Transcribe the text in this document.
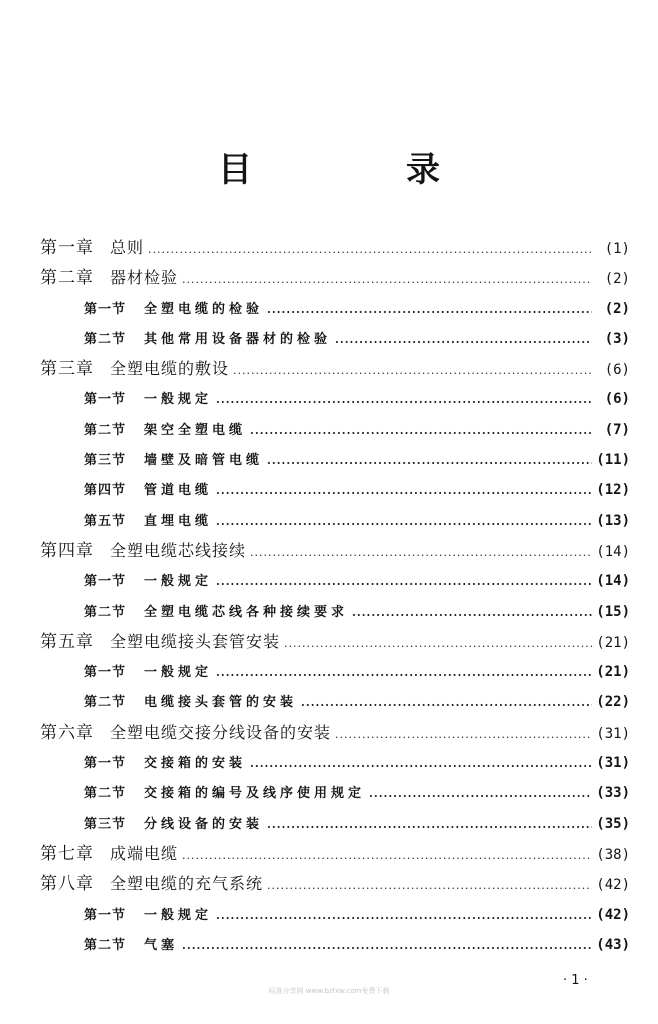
目　录
第一章 总则 .....	(1)
第二章 器材检验 .....	(2)
第一节 全塑电缆的检验 .....	(2)
第二节 其他常用设备器材的检验 .....	(3)
第三章 全塑电缆的敷设 .....	(6)
第一节 一般规定 .....	(6)
第二节 架空全塑电缆 .....	(7)
第三节 墙壁及暗管电缆 .....	(11)
第四节 管道电缆 .....	(12)
第五节 直埋电缆 .....	(13)
第四章 全塑电缆芯线接续 .....	(14)
第一节 一般规定 .....	(14)
第二节 全塑电缆芯线各种接续要求 .....	(15)
第五章 全塑电缆接头套管安装 .....	(21)
第一节 一般规定 .....	(21)
第二节 电缆接头套管的安装 .....	(22)
第六章 全塑电缆交接分线设备的安装 .....	(31)
第一节 交接箱的安装 .....	(31)
第二节 交接箱的编号及线序使用规定 .....	(33)
第三节 分线设备的安装 .....	(35)
第七章 成端电缆 .....	(38)
第八章 全塑电缆的充气系统 .....	(42)
第一节 一般规定 .....	(42)
第二节 气塞 .....	(43)
· 1 ·
标准分享网 www.bzfxw.com免费下载
